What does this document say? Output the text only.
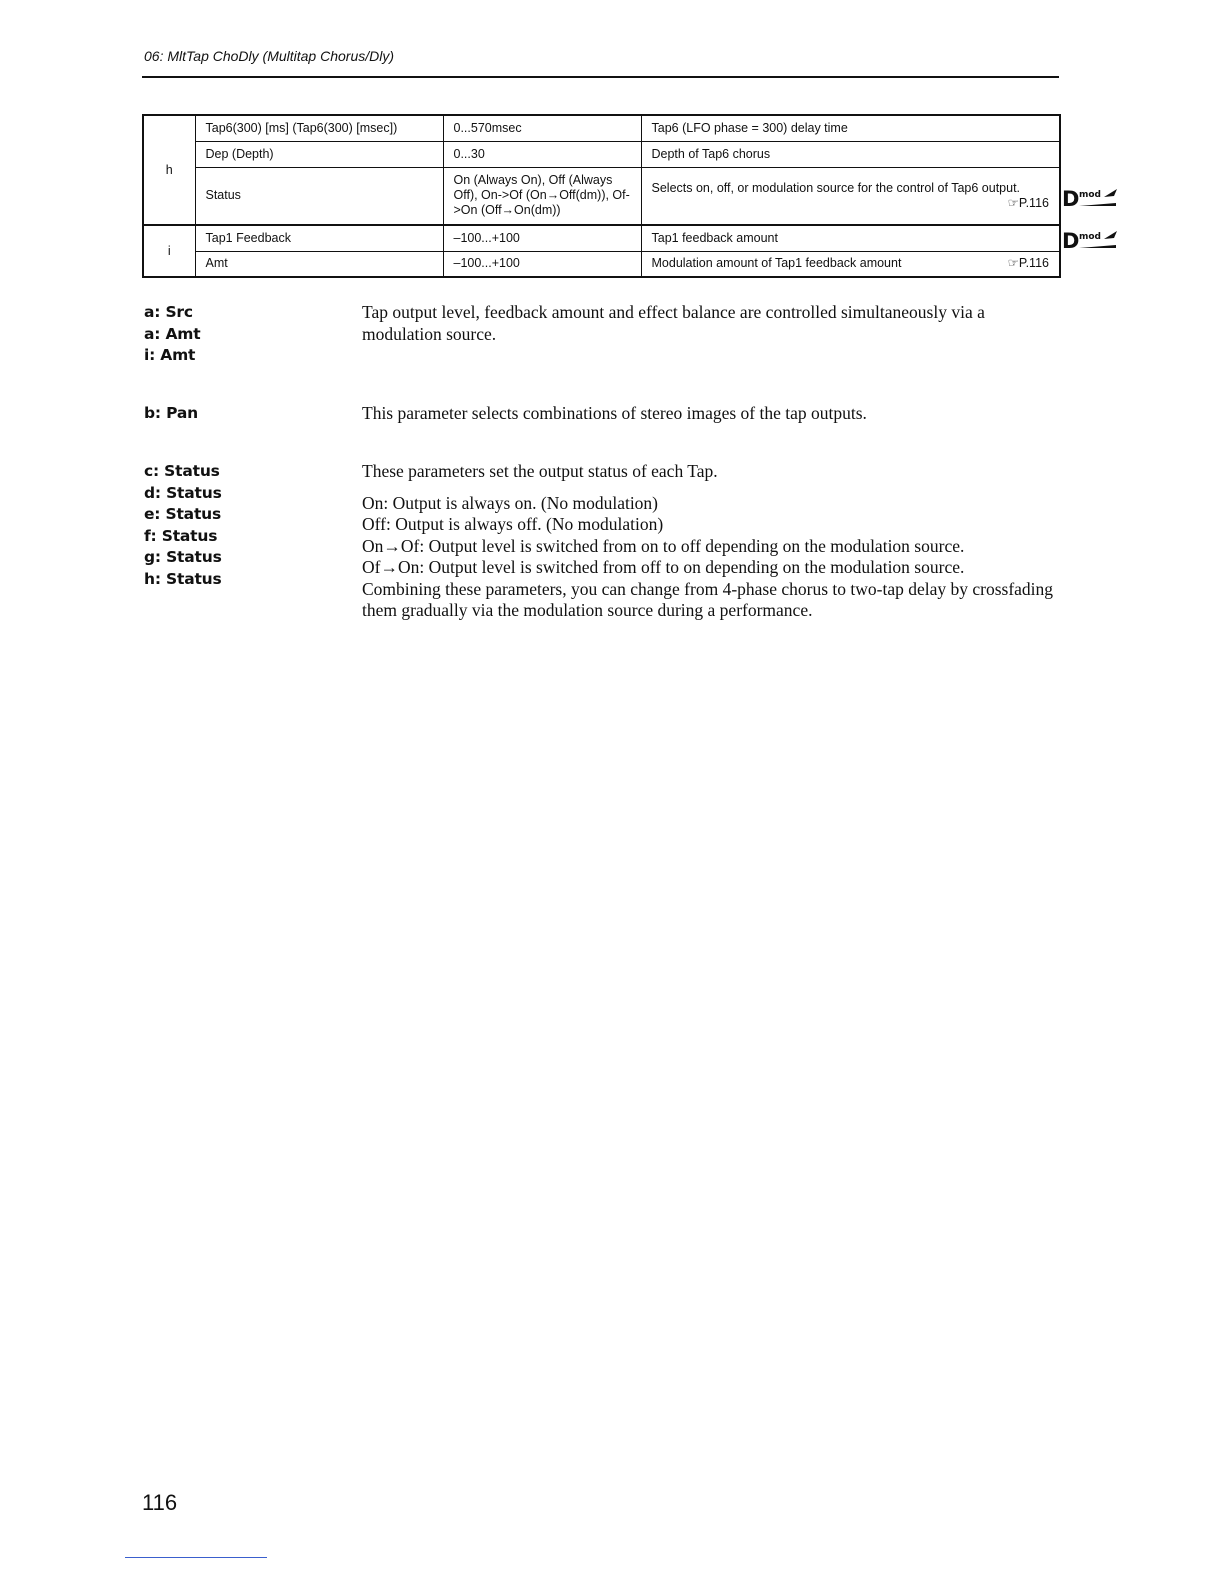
06: MltTap ChoDly (Multitap Chorus/Dly)
h	Tap6(300) [ms] (Tap6(300) [msec])	0...570msec	Tap6 (LFO phase = 300) delay time
	Dep (Depth)	0...30	Depth of Tap6 chorus
	Status	On (Always On), Off (Always Off), On->Of (On→Off(dm)), Of->On (Off→On(dm))	Selects on, off, or modulation source for the control of Tap6 output.
☞P.116

i	Tap1 Feedback	–100...+100	Tap1 feedback amount
	Amt	–100...+100	Modulation amount of Tap1 feedback amount ☞P.116
D mod
D mod
a: Src
a: Amt
i: Amt

Tap output level, feedback amount and effect balance are controlled simultaneously via a modulation source.

b: Pan	This parameter selects combinations of stereo images of the tap outputs.

c: Status
d: Status
e: Status
f: Status
g: Status
h: Status

These parameters set the output status of each Tap.

On: Output is always on. (No modulation)

Off: Output is always off. (No modulation)

On→Of: Output level is switched from on to off depending on the modulation source.

Of→On: Output level is switched from off to on depending on the modulation source.

Combining these parameters, you can change from 4-phase chorus to two-tap delay by crossfading them gradually via the modulation source during a performance.

116
